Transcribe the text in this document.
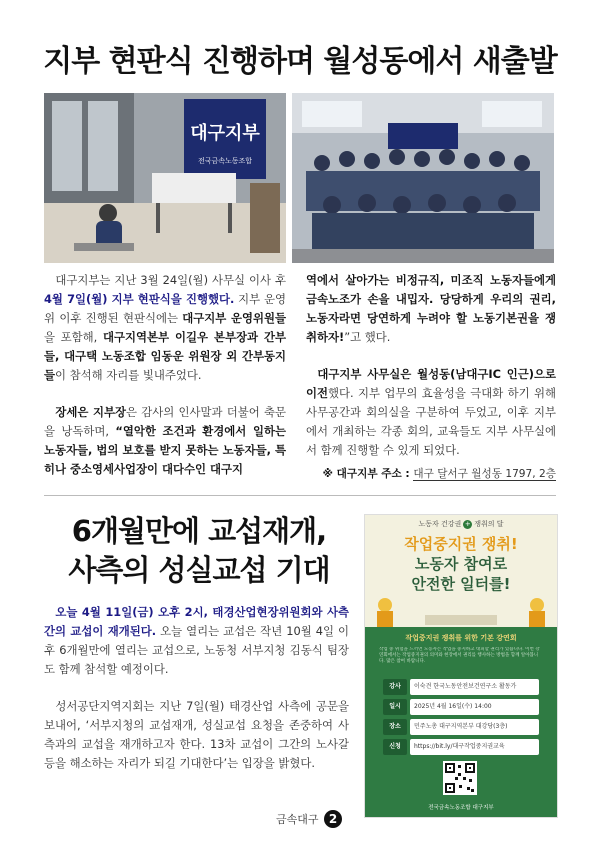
지부 현판식 진행하며 월성동에서 새출발
대구지부
전국금속노동조합

대구지부는 지난 3월 24일(월) 사무실 이사 후 4월 7일(월) 지부 현판식을 진행했다. 지부 운영위 이후 진행된 현판식에는 대구지부 운영위원들을 포함해, 대구지역본부 이길우 본부장과 간부들, 대구택 노동조합 임동운 위원장 외 간부동지들이 참석해 자리를 빛내주었다.

장세은 지부장은 감사의 인사말과 더불어 축문을 낭독하며, “열악한 조건과 환경에서 일하는 노동자들, 법의 보호를 받지 못하는 노동자들, 특히나 중소영세사업장이 대다수인 대구지

역에서 살아가는 비정규직, 미조직 노동자들에게 금속노조가 손을 내밉자. 당당하게 우리의 권리, 노동자라면 당연하게 누려야 할 노동기본권을 쟁취하자!”고 했다.

대구지부 사무실은 월성동(남대구IC 인근)으로 이전했다. 지부 업무의 효율성을 극대화 하기 위해 사무공간과 회의실을 구분하여 두었고, 이후 지부에서 개최하는 각종 회의, 교육들도 지부 사무실에서 함께 진행할 수 있게 되었다.

※ 대구지부 주소 : 대구 달서구 월성동 1797, 2층

6개월만에 교섭재개,
사측의 성실교섭 기대

오늘 4월 11일(금) 오후 2시, 태경산업현장위원회와 사측간의 교섭이 재개된다. 오늘 열리는 교섭은 작년 10월 4일 이후 6개월만에 열리는 교섭으로, 노동청 서부지청 김동식 팀장도 함께 참석할 예정이다.

성서공단지역지회는 지난 7일(월) 태경산업 사측에 공문을 보내어, ‘서부지청의 교섭재개, 성실교섭 요청을 존중하여 사측과의 교섭을 재개하고자 한다. 13차 교섭이 그간의 노사갈등을 해소하는 자리가 되길 기대한다’는 입장을 밝혔다.

노동자 건강권 + 쟁취의 달
작업중지권 쟁취!
노동자 참여로
안전한 일터를!
작업중지권 쟁취를 위한 기본 강연회
작업 중 위험을 느끼면 노동자는 작업을 중지하고 대피할 권리가 있습니다. 이번 강연회에서는 작업중지권의 의미와 현장에서 권리를 행사하는 방법을 함께 알아봅니다. 많은 참여 바랍니다.
강사	이숙견 한국노동안전보건연구소 활동가
일시	2025년 4월 16일(수) 14:00
장소	민주노총 대구지역본부 대강당(3층)
신청	https://bit.ly/대구작업중지권교육
전국금속노동조합 대구지부
금속대구 2
